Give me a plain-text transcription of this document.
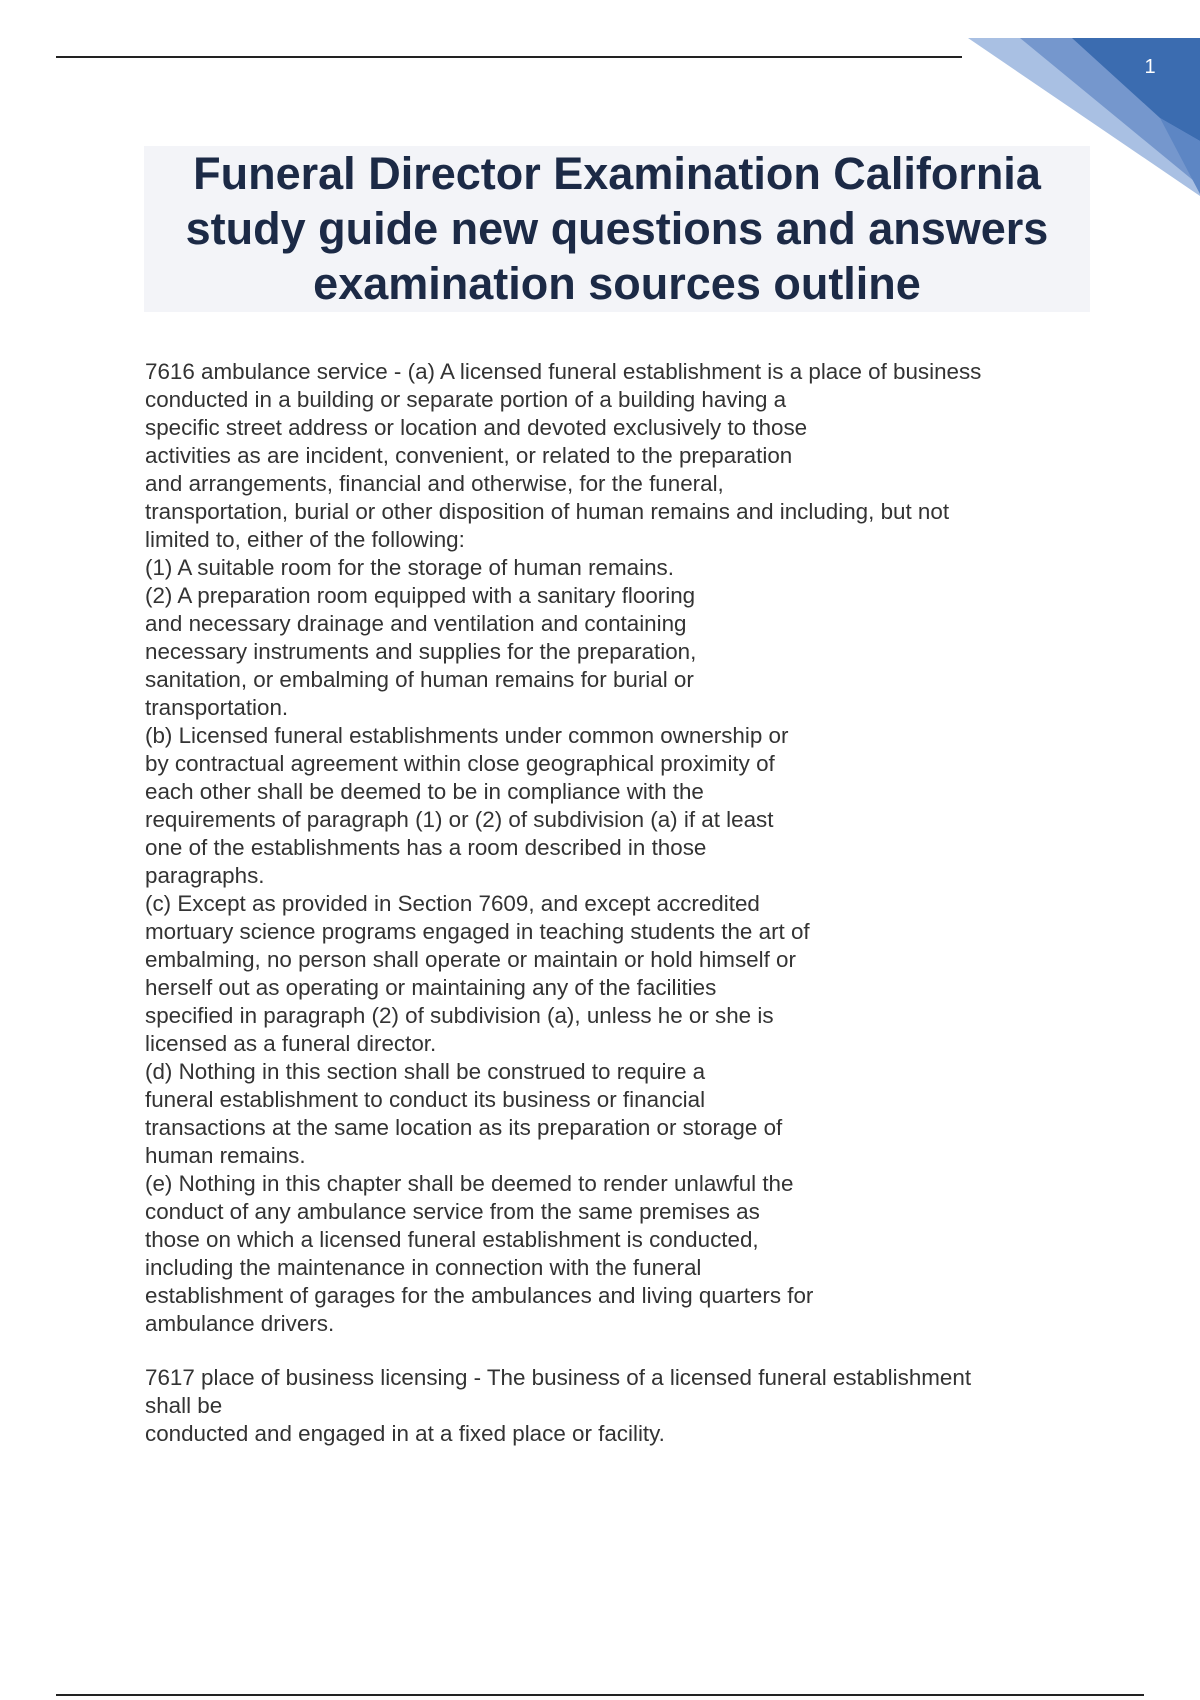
1
Funeral Director Examination California
study guide new questions and answers
examination sources outline
7616 ambulance service - (a) A licensed funeral establishment is a place of business
conducted in a building or separate portion of a building having a
specific street address or location and devoted exclusively to those
activities as are incident, convenient, or related to the preparation
and arrangements, financial and otherwise, for the funeral,
transportation, burial or other disposition of human remains and including, but not
limited to, either of the following:
(1) A suitable room for the storage of human remains.
(2) A preparation room equipped with a sanitary flooring
and necessary drainage and ventilation and containing
necessary instruments and supplies for the preparation,
sanitation, or embalming of human remains for burial or
transportation.
(b) Licensed funeral establishments under common ownership or
by contractual agreement within close geographical proximity of
each other shall be deemed to be in compliance with the
requirements of paragraph (1) or (2) of subdivision (a) if at least
one of the establishments has a room described in those
paragraphs.
(c) Except as provided in Section 7609, and except accredited
mortuary science programs engaged in teaching students the art of
embalming, no person shall operate or maintain or hold himself or
herself out as operating or maintaining any of the facilities
specified in paragraph (2) of subdivision (a), unless he or she is
licensed as a funeral director.
(d) Nothing in this section shall be construed to require a
funeral establishment to conduct its business or financial
transactions at the same location as its preparation or storage of
human remains.
(e) Nothing in this chapter shall be deemed to render unlawful the
conduct of any ambulance service from the same premises as
those on which a licensed funeral establishment is conducted,
including the maintenance in connection with the funeral
establishment of garages for the ambulances and living quarters for
ambulance drivers.
7617 place of business licensing - The business of a licensed funeral establishment
shall be
conducted and engaged in at a fixed place or facility.
